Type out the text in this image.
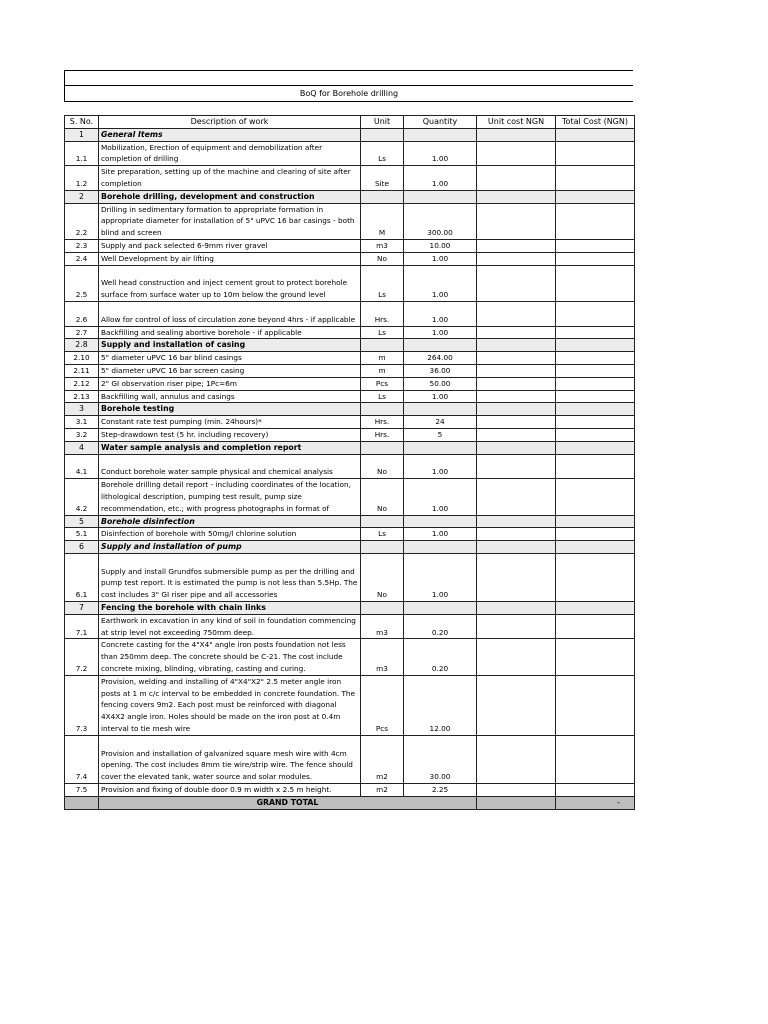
BoQ for Borehole drilling
S. No.	Description of work	Unit	Quantity	Unit cost NGN	Total Cost (NGN)
1	General Items				
1.1	Mobilization, Erection of equipment and demobilization after completion of drilling	Ls	1.00		
1.2	Site preparation, setting up of the machine and clearing of site after completion	Site	1.00		
2	Borehole drilling, development and construction				
2.2	Drilling in sedimentary formation to appropriate formation in appropriate diameter for installation of 5" uPVC 16 bar casings - both blind and screen	M	300.00		
2.3	Supply and pack selected 6-9mm river gravel	m3	10.00		
2.4	Well Development by air lifting	No	1.00		
2.5	Well head construction and inject cement grout to protect borehole surface from surface water up to 10m below the ground level	Ls	1.00		
2.6	Allow for control of loss of circulation zone beyond 4hrs - if applicable	Hrs.	1.00		
2.7	Backfilling and sealing abortive borehole - if applicable	Ls	1.00		
2.8	Supply and installation of casing				
2.10	5" diameter uPVC 16 bar blind casings	m	264.00		
2.11	5" diameter uPVC 16 bar screen casing	m	36.00		
2.12	2" GI observation riser pipe; 1Pc=6m	Pcs	50.00		
2.13	Backfilling wall, annulus and casings	Ls	1.00		
3	Borehole testing				
3.1	Constant rate test pumping (min. 24hours)*	Hrs.	24		
3.2	Step-drawdown test (5 hr. including recovery)	Hrs.	5		
4	Water sample analysis and completion report				
4.1	Conduct borehole water sample physical and chemical analysis	No	1.00		
4.2	Borehole drilling detail report - including coordinates of the location, lithological description, pumping test result, pump size recommendation, etc.; with progress photographs in format of	No	1.00		
5	Borehole disinfection				
5.1	Disinfection of borehole with 50mg/l chlorine solution	Ls	1.00		
6	Supply and installation of pump				
6.1	Supply and install Grundfos submersible pump as per the drilling and pump test report. It is estimated the pump is not less than 5.5Hp. The cost includes 3" GI riser pipe and all accessories	No	1.00		
7	Fencing the borehole with chain links				
7.1	Earthwork in excavation in any kind of soil in foundation commencing at strip level not exceeding 750mm deep.	m3	0.20		
7.2	Concrete casting for the 4"X4" angle iron posts foundation not less than 250mm deep. The concrete should be C-21. The cost include concrete mixing, blinding, vibrating, casting and curing.	m3	0.20		
7.3	Provision, welding and installing of 4"X4"X2" 2.5 meter angle iron posts at 1 m c/c interval to be embedded in concrete foundation. The fencing covers 9m2. Each post must be reinforced with diagonal 4X4X2 angle iron. Holes should be made on the iron post at 0.4m interval to tie mesh wire	Pcs	12.00		
7.4	Provision and installation of galvanized square mesh wire with 4cm opening. The cost includes 8mm tie wire/strip wire. The fence should cover the elevated tank, water source and solar modules.	m2	30.00		
7.5	Provision and fixing of double door 0.9 m width x 2.5 m height.	m2	2.25		
	GRAND TOTAL				-
